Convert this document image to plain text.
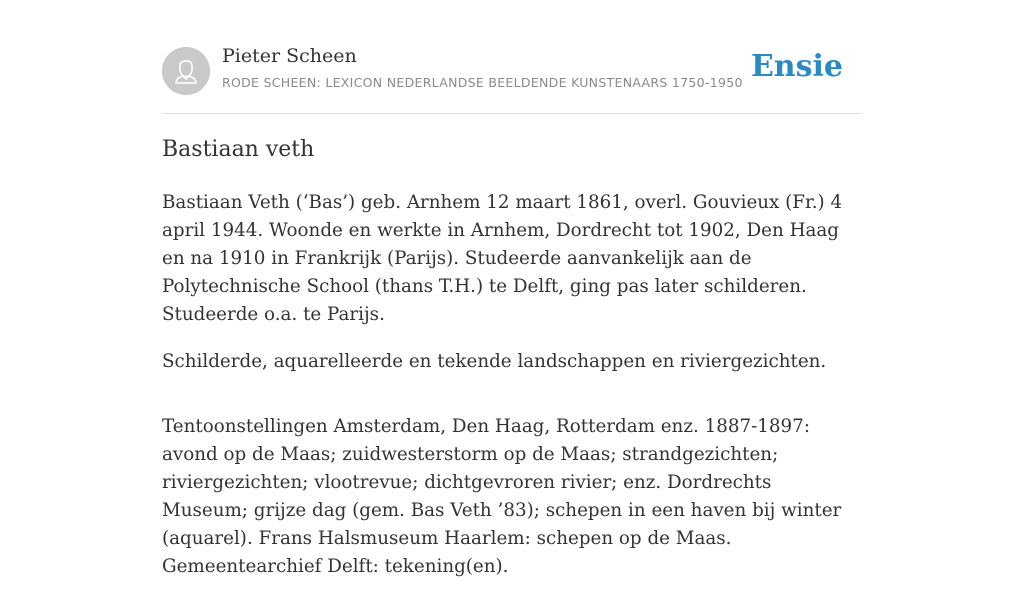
Pieter Scheen
RODE SCHEEN: LEXICON NEDERLANDSE BEELDENDE KUNSTENAARS 1750-1950 Ensie
Bastiaan veth

Bastiaan Veth (‘Bas’) geb. Arnhem 12 maart 1861, overl. Gouvieux (Fr.) 4 april 1944. Woonde en werkte in Arnhem, Dordrecht tot 1902, Den Haag en na 1910 in Frankrijk (Parijs). Studeerde aanvankelijk aan de Polytechnische School (thans T.H.) te Delft, ging pas later schilderen. Studeerde o.a. te Parijs.

Schilderde, aquarelleerde en tekende landschappen en riviergezichten.

Tentoonstellingen Amsterdam, Den Haag, Rotterdam enz. 1887-1897: avond op de Maas; zuidwesterstorm op de Maas; strandgezichten; riviergezichten; vlootrevue; dichtgevroren rivier; enz. Dordrechts Museum; grijze dag (gem. Bas Veth ’83); schepen in een haven bij winter (aquarel). Frans Halsmuseum Haarlem: schepen op de Maas. Gemeentearchief Delft: tekening(en).
